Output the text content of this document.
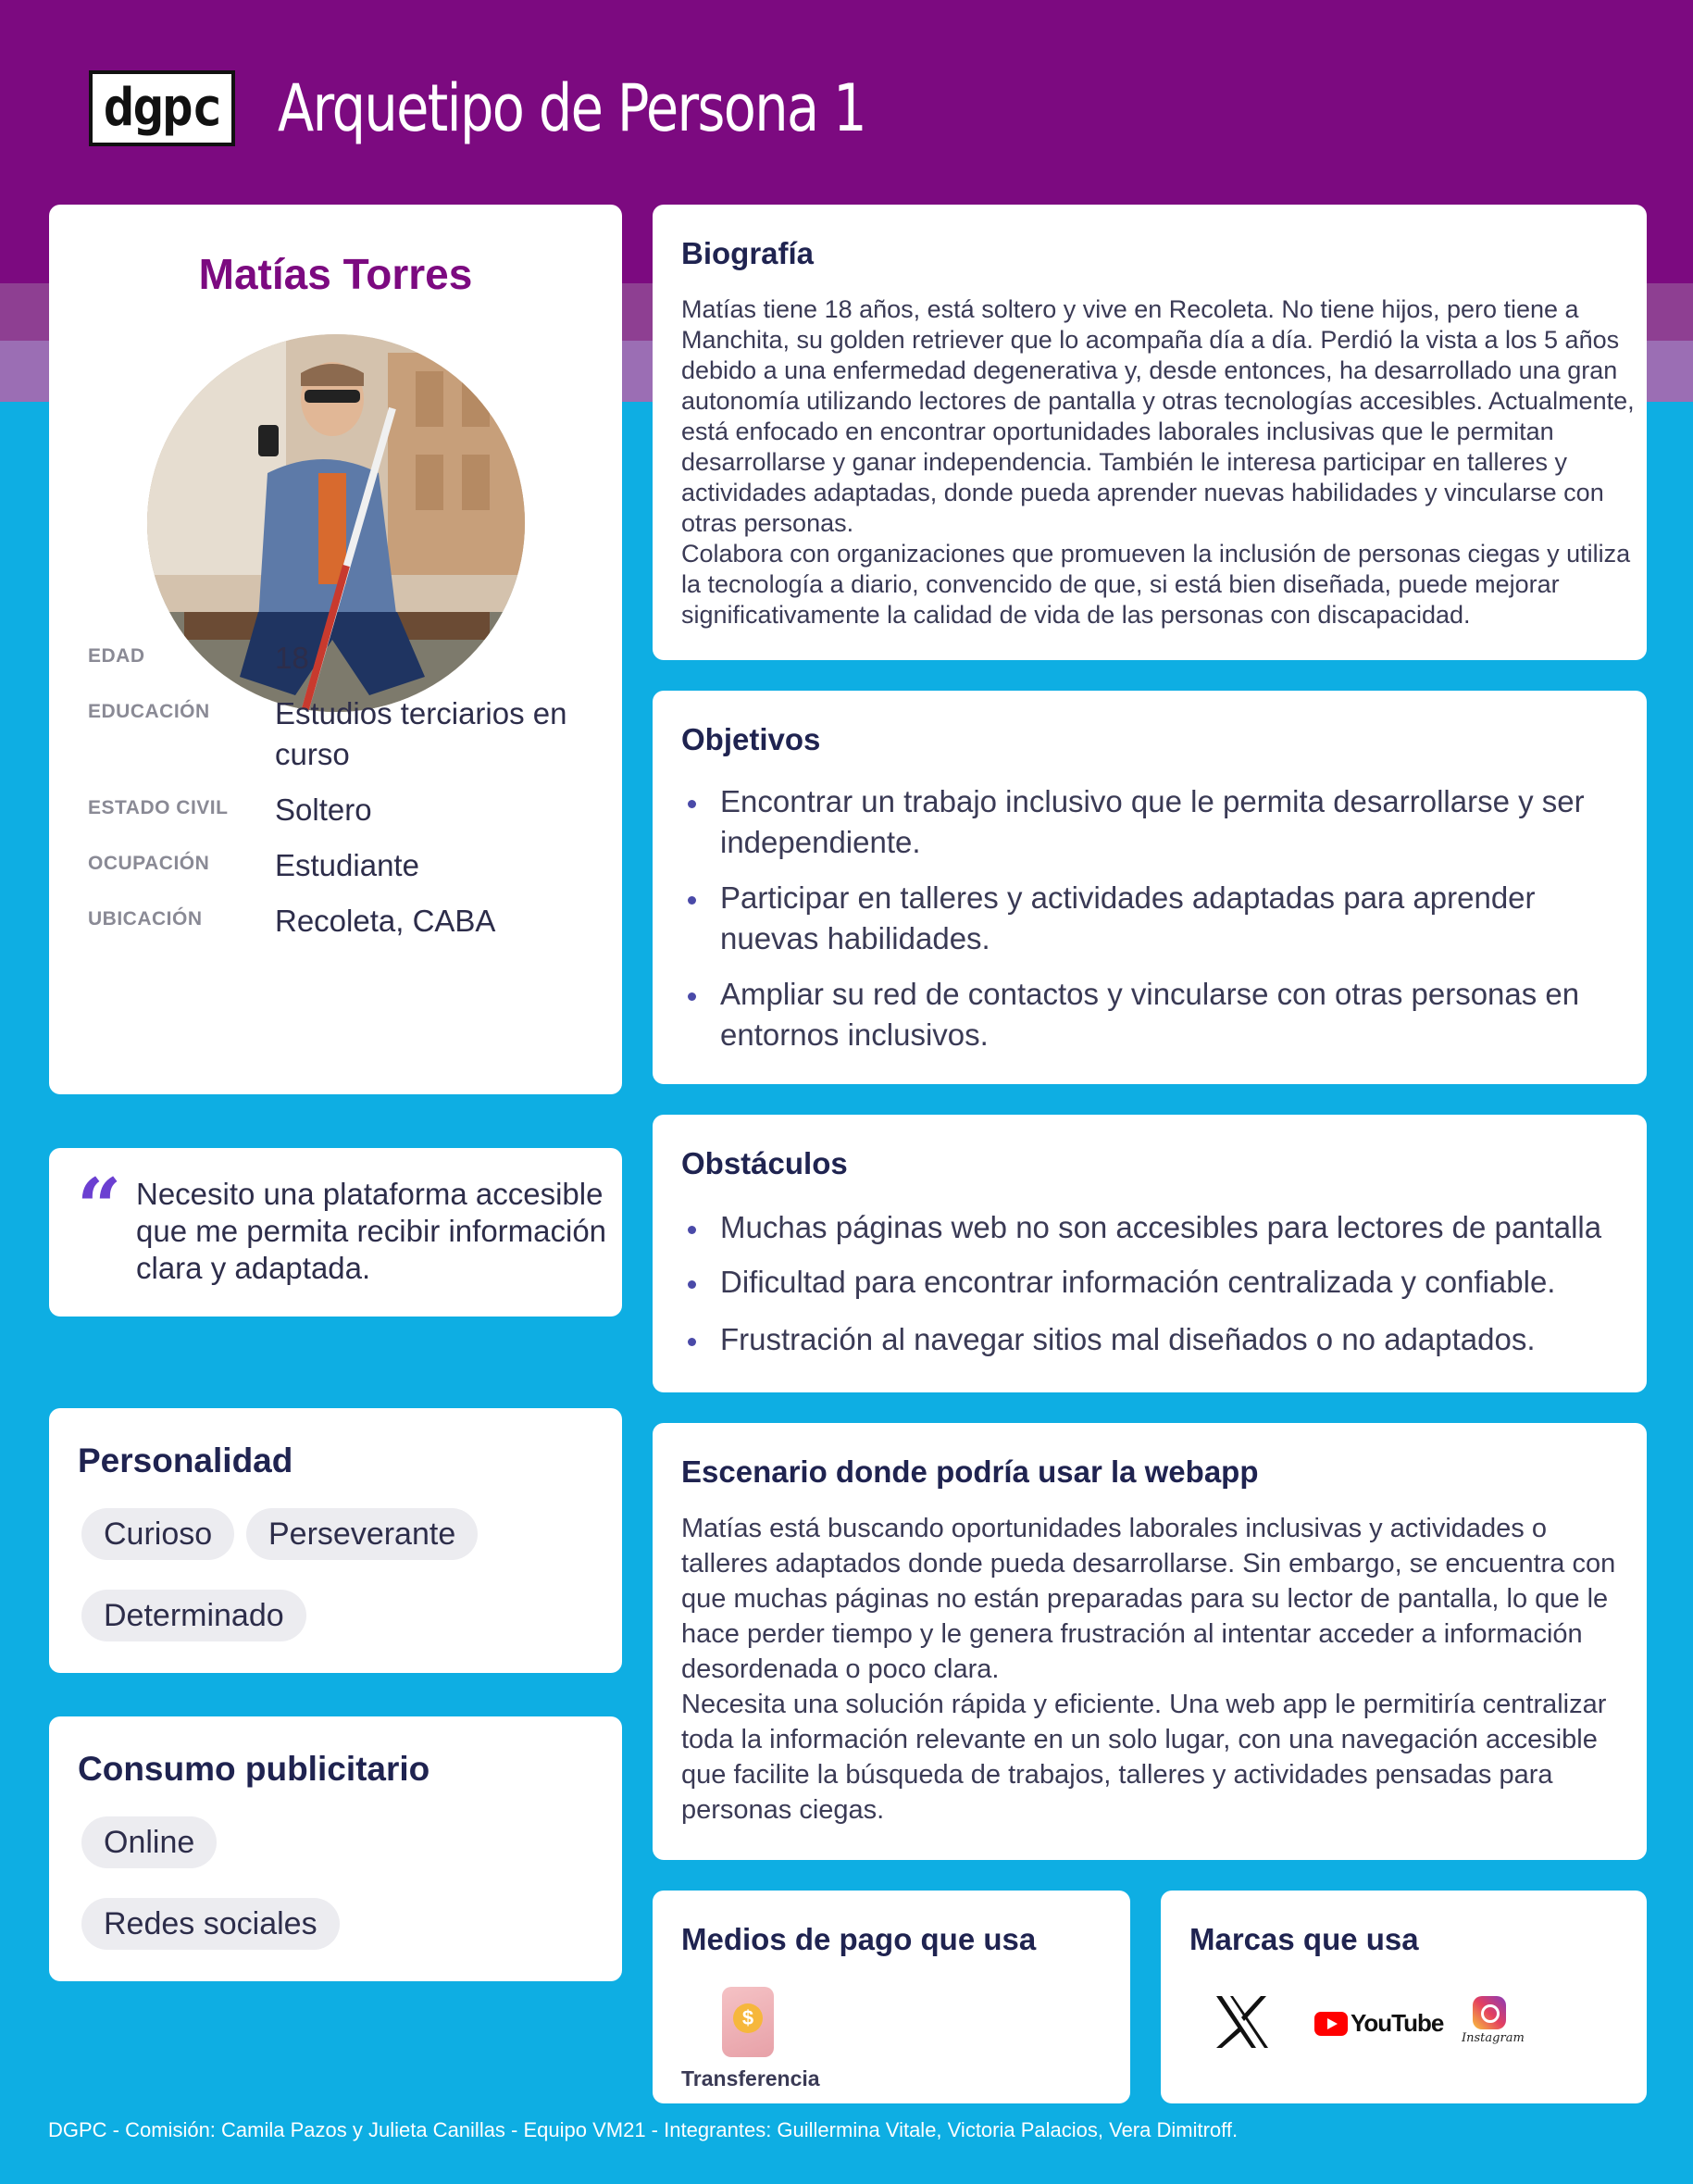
dgpc Arquetipo de Persona 1
Matías Torres
EDAD	18
EDUCACIÓN Estudios terciarios en curso
ESTADO CIVIL Soltero
OCUPACIÓN Estudiante
UBICACIÓN Recoleta, CABA
“ Necesito una plataforma accesible que me permita recibir información clara y adaptada.
Personalidad
Curioso	Perseverante
Determinado
Consumo publicitario
Online
Redes sociales
Biografía

Matías tiene 18 años, está soltero y vive en Recoleta. No tiene hijos, pero tiene a Manchita, su golden retriever que lo acompaña día a día. Perdió la vista a los 5 años debido a una enfermedad degenerativa y, desde entonces, ha desarrollado una gran autonomía utilizando lectores de pantalla y otras tecnologías accesibles. Actualmente, está enfocado en encontrar oportunidades laborales inclusivas que le permitan desarrollarse y ganar independencia. También le interesa participar en talleres y actividades adaptadas, donde pueda aprender nuevas habilidades y vincularse con otras personas.

Colabora con organizaciones que promueven la inclusión de personas ciegas y utiliza la tecnología a diario, convencido de que, si está bien diseñada, puede mejorar significativamente la calidad de vida de las personas con discapacidad.

Objetivos
Encontrar un trabajo inclusivo que le permita desarrollarse y ser independiente.
Participar en talleres y actividades adaptadas para aprender nuevas habilidades.
Ampliar su red de contactos y vincularse con otras personas en entornos inclusivos.
Obstáculos
Muchas páginas web no son accesibles para lectores de pantalla
Dificultad para encontrar información centralizada y confiable.
Frustración al navegar sitios mal diseñados o no adaptados.
Escenario donde podría usar la webapp

Matías está buscando oportunidades laborales inclusivas y actividades o talleres adaptados donde pueda desarrollarse. Sin embargo, se encuentra con que muchas páginas no están preparadas para su lector de pantalla, lo que le hace perder tiempo y le genera frustración al intentar acceder a información desordenada o poco clara.

Necesita una solución rápida y eficiente. Una web app le permitiría centralizar toda la información relevante en un solo lugar, con una navegación accesible que facilite la búsqueda de trabajos, talleres y actividades pensadas para personas ciegas.

Medios de pago que usa
$
Transferencia
Marcas que usa
YouTube
Instagram
DGPC - Comisión: Camila Pazos y Julieta Canillas - Equipo VM21 - Integrantes: Guillermina Vitale, Victoria Palacios, Vera Dimitroff.
